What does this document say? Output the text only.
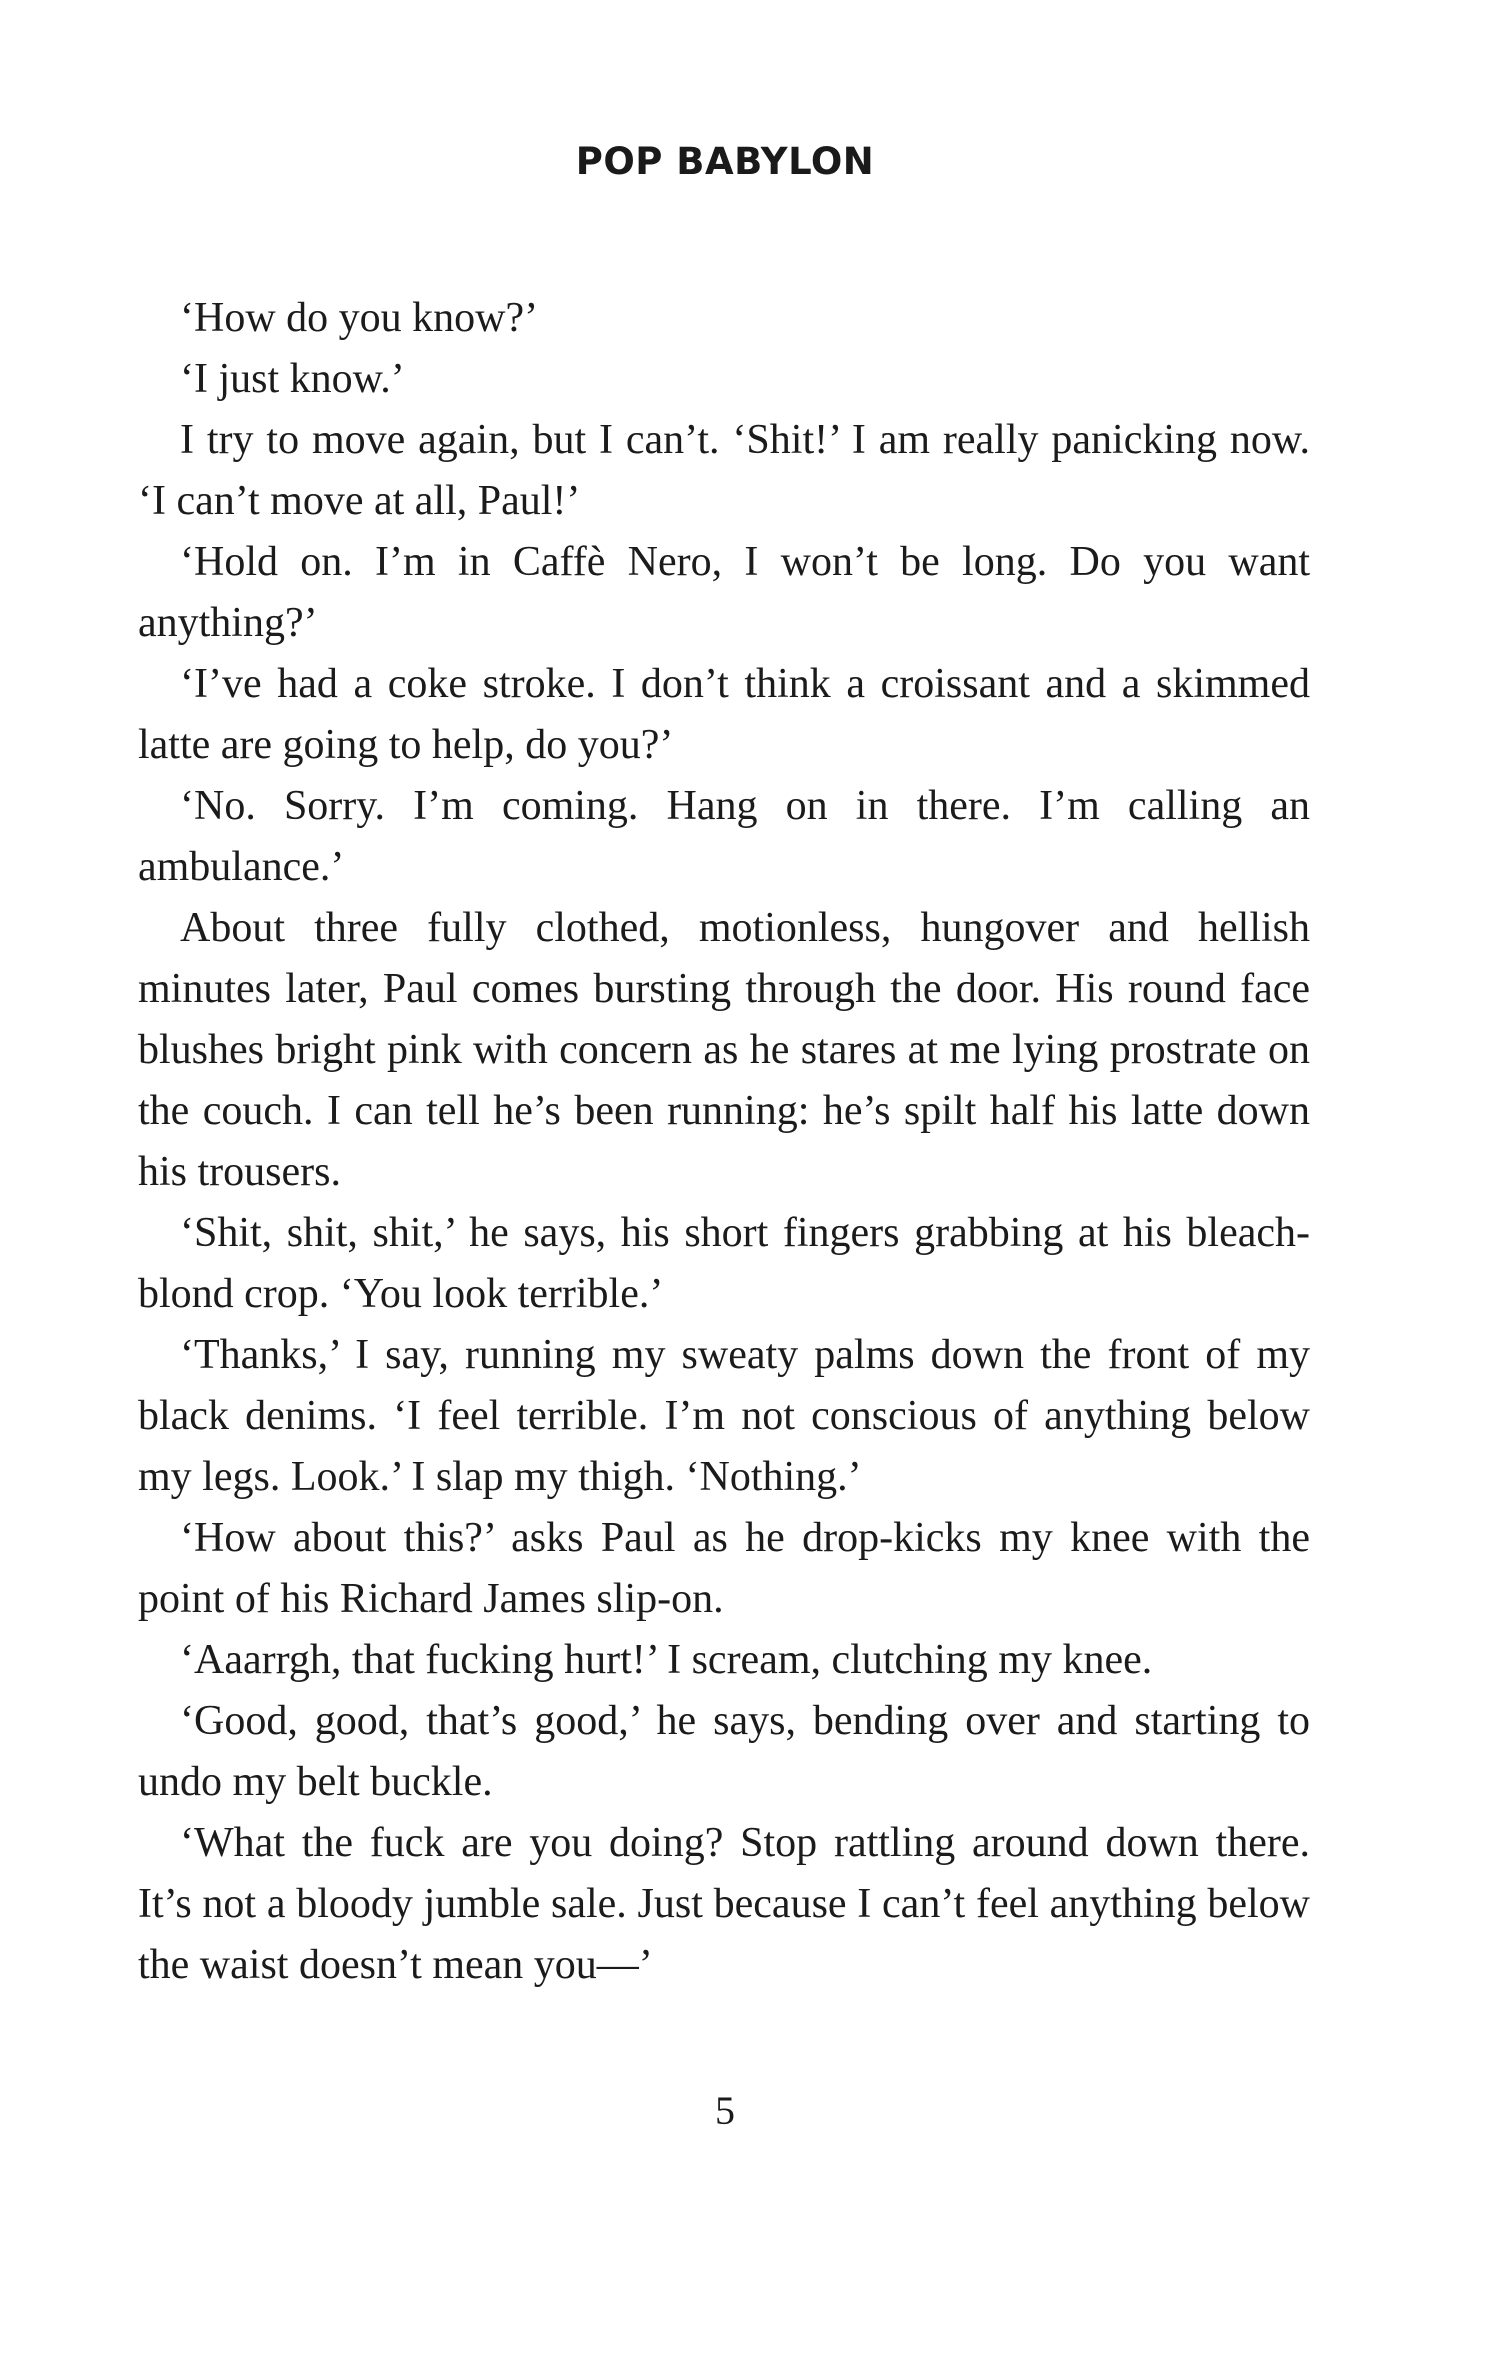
POP BABYLON

‘How do you know?’

‘I just know.’

I try to move again, but I can’t. ‘Shit!’ I am really panicking now. ‘I can’t move at all, Paul!’

‘Hold on. I’m in Caffè Nero, I won’t be long. Do you want anything?’

‘I’ve had a coke stroke. I don’t think a croissant and a skimmed latte are going to help, do you?’

‘No. Sorry. I’m coming. Hang on in there. I’m calling an ambulance.’

About three fully clothed, motionless, hungover and hellish minutes later, Paul comes bursting through the door. His round face blushes bright pink with concern as he stares at me lying prostrate on the couch. I can tell he’s been running: he’s spilt half his latte down his trousers.

‘Shit, shit, shit,’ he says, his short fingers grabbing at his bleach-blond crop. ‘You look terrible.’

‘Thanks,’ I say, running my sweaty palms down the front of my black denims. ‘I feel terrible. I’m not conscious of anything below my legs. Look.’ I slap my thigh. ‘Nothing.’

‘How about this?’ asks Paul as he drop-kicks my knee with the point of his Richard James slip-on.

‘Aaarrgh, that fucking hurt!’ I scream, clutching my knee.

‘Good, good, that’s good,’ he says, bending over and starting to undo my belt buckle.

‘What the fuck are you doing? Stop rattling around down there. It’s not a bloody jumble sale. Just because I can’t feel anything below the waist doesn’t mean you—’

5
